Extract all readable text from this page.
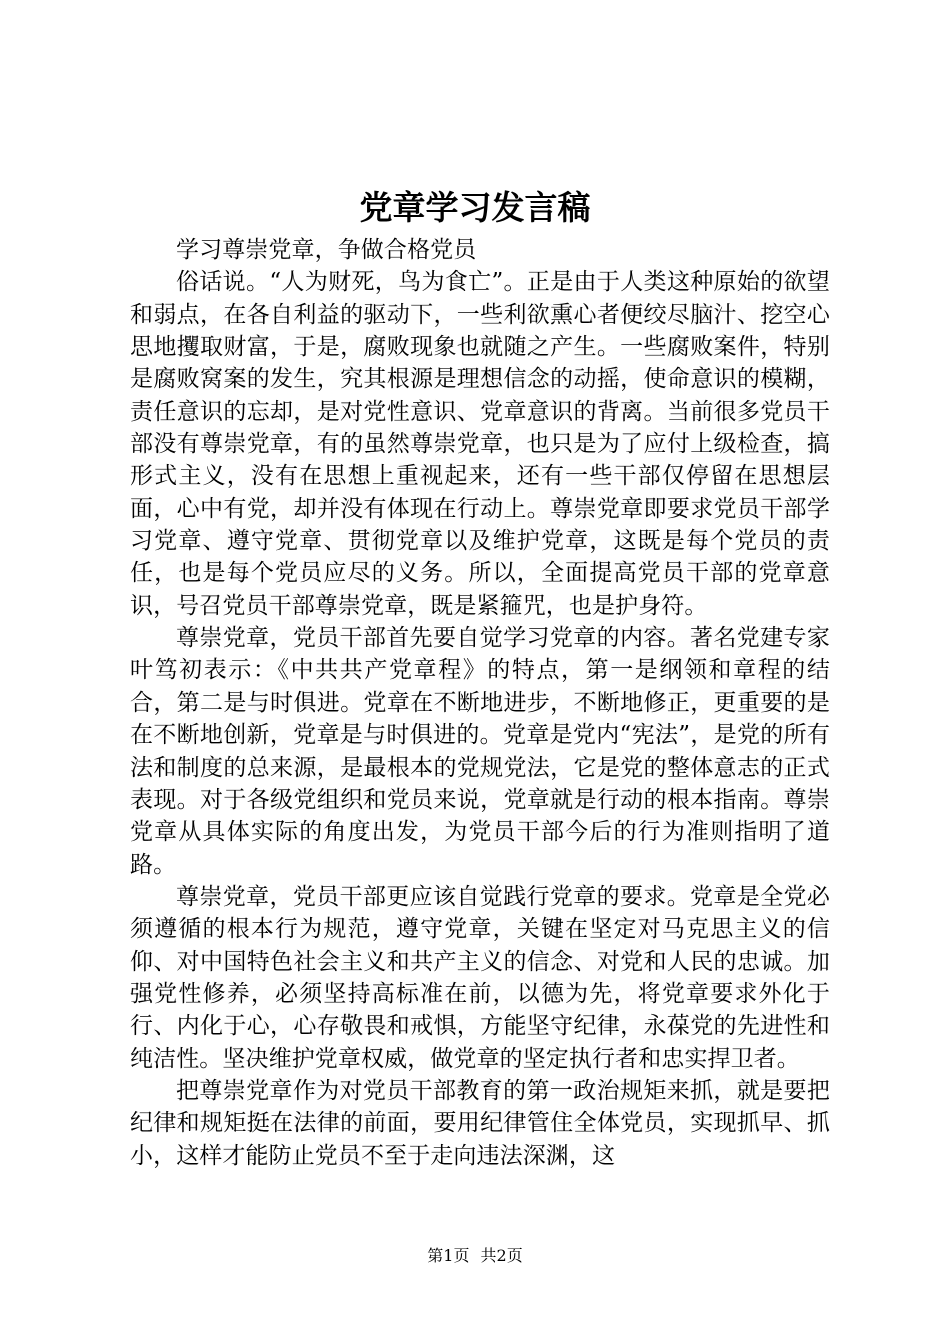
党章学习发言稿

学习尊崇党章，争做合格党员

俗话说。“人为财死，鸟为食亡”。正是由于人类这种原始的欲望和弱点，在各自利益的驱动下，一些利欲熏心者便绞尽脑汁、挖空心思地攫取财富，于是，腐败现象也就随之产生。一些腐败案件，特别是腐败窝案的发生，究其根源是理想信念的动摇，使命意识的模糊，责任意识的忘却，是对党性意识、党章意识的背离。当前很多党员干部没有尊崇党章，有的虽然尊崇党章，也只是为了应付上级检查，搞形式主义，没有在思想上重视起来，还有一些干部仅停留在思想层面，心中有党，却并没有体现在行动上。尊崇党章即要求党员干部学习党章、遵守党章、贯彻党章以及维护党章，这既是每个党员的责任，也是每个党员应尽的义务。所以，全面提高党员干部的党章意识，号召党员干部尊崇党章，既是紧箍咒，也是护身符。

尊崇党章，党员干部首先要自觉学习党章的内容。著名党建专家叶笃初表示：《中共共产党章程》的特点，第一是纲领和章程的结合，第二是与时俱进。党章在不断地进步，不断地修正，更重要的是在不断地创新，党章是与时俱进的。党章是党内“宪法”，是党的所有法和制度的总来源，是最根本的党规党法，它是党的整体意志的正式表现。对于各级党组织和党员来说，党章就是行动的根本指南。尊崇党章从具体实际的角度出发，为党员干部今后的行为准则指明了道路。

尊崇党章，党员干部更应该自觉践行党章的要求。党章是全党必须遵循的根本行为规范，遵守党章，关键在坚定对马克思主义的信仰、对中国特色社会主义和共产主义的信念、对党和人民的忠诚。加强党性修养，必须坚持高标准在前，以德为先，将党章要求外化于行、内化于心，心存敬畏和戒惧，方能坚守纪律，永葆党的先进性和纯洁性。坚决维护党章权威，做党章的坚定执行者和忠实捍卫者。

把尊崇党章作为对党员干部教育的第一政治规矩来抓，就是要把纪律和规矩挺在法律的前面，要用纪律管住全体党员，实现抓早、抓小，这样才能防止党员不至于走向违法深渊，这

第1页 共2页
